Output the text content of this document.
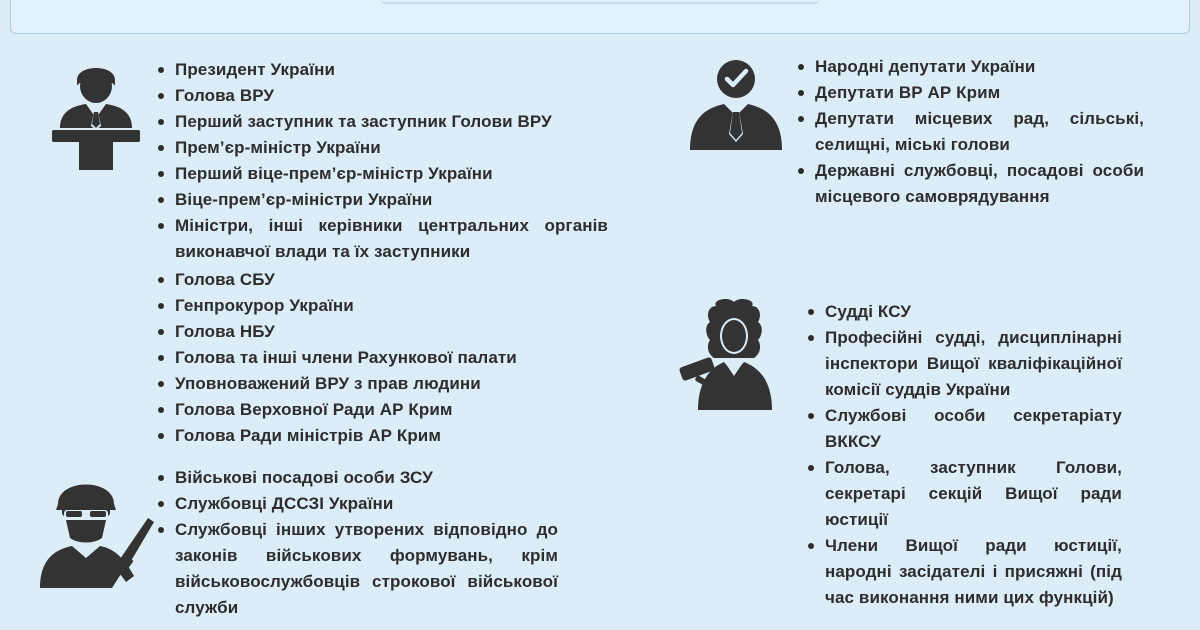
Президент України
Голова ВРУ
Перший заступник та заступник Голови ВРУ
Прем’єр-міністр України
Перший віце-прем’єр-міністр України
Віце-прем’єр-міністри України
Міністри, інші керівники центральних органів виконавчої влади та їх заступники
Голова СБУ
Генпрокурор України
Голова НБУ
Голова та інші члени Рахункової палати
Уповноважений ВРУ з прав людини
Голова Верховної Ради АР Крим
Голова Ради міністрів АР Крим
Військові посадові особи ЗСУ
Службовці ДССЗІ України
Службовці інших утворених відповідно до законів військових формувань, крім військовослужбовців строкової військової служби
Народні депутати України
Депутати ВР АР Крим
Депутати місцевих рад, сільські, селищні, міські голови
Державні службовці, посадові особи місцевого самоврядування
Судді КСУ
Професійні судді, дисциплінарні інспектори Вищої кваліфікаційної комісії суддів України
Службові особи секретаріату ВККСУ
Голова, заступник Голови, секретарі секцій Вищої ради юстиції
Члени Вищої ради юстиції, народні засідателі і присяжні (під час виконання ними цих функцій)
